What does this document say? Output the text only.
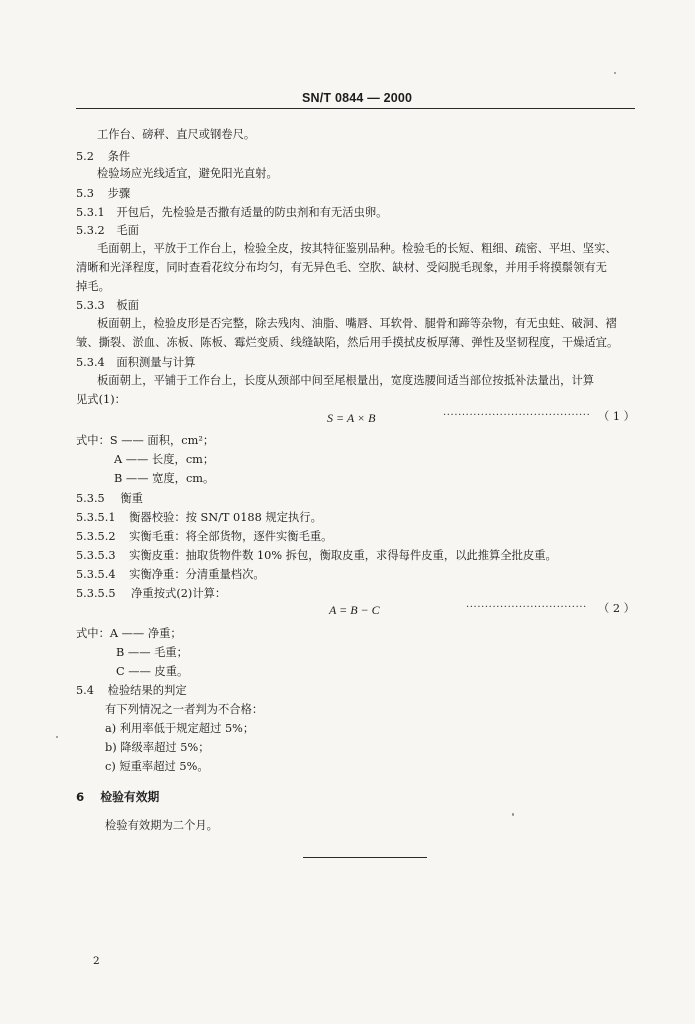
SN/T 0844 — 2000
工作台、磅秤、直尺或钢卷尺。
5.2 条件
检验场应光线适宜，避免阳光直射。
5.3 步骤
5.3.1 开包后，先检验是否撒有适量的防虫剂和有无活虫卵。
5.3.2 毛面
毛面朝上，平放于工作台上，检验全皮，按其特征鉴别品种。检验毛的长短、粗细、疏密、平坦、坚实、
清晰和光泽程度，同时查看花纹分布均匀，有无异色毛、空肷、缺材、受闷脱毛现象，并用手将摸鬃领有无
掉毛。
5.3.3 板面
板面朝上，检验皮形是否完整，除去残肉、油脂、嘴唇、耳软骨、腿骨和蹄等杂物，有无虫蛀、破洞、褶
皱、撕裂、淤血、冻板、陈板、霉烂变质、线缝缺陷，然后用手摸拭皮板厚薄、弹性及坚韧程度，干燥适宜。
5.3.4 面积测量与计算
板面朝上，平铺于工作台上，长度从颈部中间至尾根量出，宽度选腰间适当部位按抵补法量出，计算
见式(1)：
S = A × B	······································· （ 1 ）
式中：S —— 面积，cm²；
A —— 长度，cm；
B —— 宽度，cm。
5.3.5 衡重
5.3.5.1 衡器校验：按 SN/T 0188 规定执行。
5.3.5.2 实衡毛重：将全部货物，逐件实衡毛重。
5.3.5.3 实衡皮重：抽取货物件数 10% 拆包，衡取皮重，求得每件皮重，以此推算全批皮重。
5.3.5.4 实衡净重：分清重量档次。
5.3.5.5 净重按式(2)计算：
A = B − C	································ （ 2 ）
式中：A —— 净重；
B —— 毛重；
C —— 皮重。
5.4 检验结果的判定
有下列情况之一者判为不合格：
a) 利用率低于规定超过 5%；
b) 降级率超过 5%；
c) 短重率超过 5%。
6 检验有效期
检验有效期为二个月。
2
